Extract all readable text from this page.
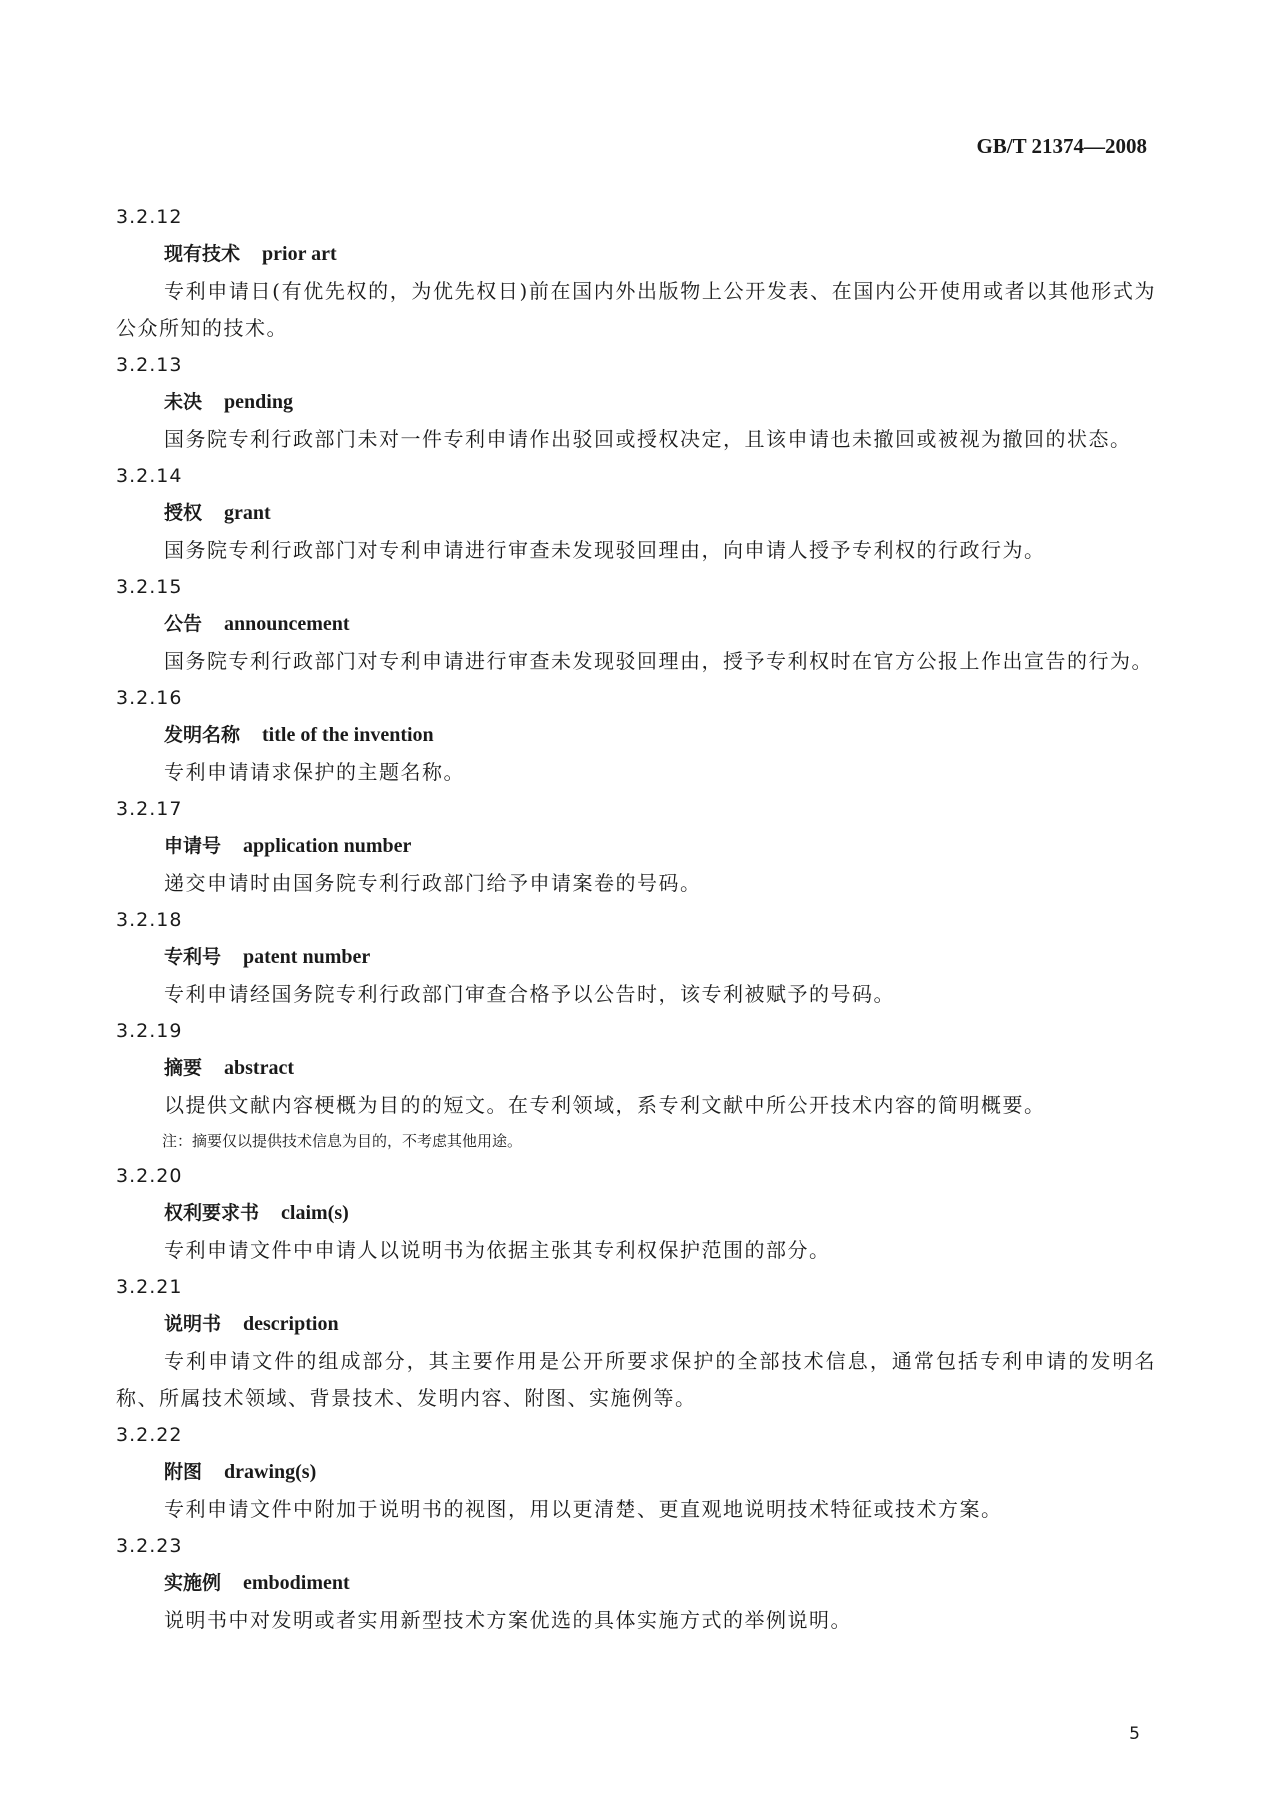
GB/T 21374—2008
3.2.12
现有技术 prior art
专利申请日(有优先权的，为优先权日)前在国内外出版物上公开发表、在国内公开使用或者以其他形式为公众所知的技术。
3.2.13
未决 pending
国务院专利行政部门未对一件专利申请作出驳回或授权决定，且该申请也未撤回或被视为撤回的状态。
3.2.14
授权 grant
国务院专利行政部门对专利申请进行审查未发现驳回理由，向申请人授予专利权的行政行为。
3.2.15
公告 announcement
国务院专利行政部门对专利申请进行审查未发现驳回理由，授予专利权时在官方公报上作出宣告的行为。
3.2.16
发明名称 title of the invention
专利申请请求保护的主题名称。
3.2.17
申请号 application number
递交申请时由国务院专利行政部门给予申请案卷的号码。
3.2.18
专利号 patent number
专利申请经国务院专利行政部门审查合格予以公告时，该专利被赋予的号码。
3.2.19
摘要 abstract
以提供文献内容梗概为目的的短文。在专利领域，系专利文献中所公开技术内容的简明概要。
注：摘要仅以提供技术信息为目的，不考虑其他用途。
3.2.20
权利要求书 claim(s)
专利申请文件中申请人以说明书为依据主张其专利权保护范围的部分。
3.2.21
说明书 description
专利申请文件的组成部分，其主要作用是公开所要求保护的全部技术信息，通常包括专利申请的发明名称、所属技术领域、背景技术、发明内容、附图、实施例等。
3.2.22
附图 drawing(s)
专利申请文件中附加于说明书的视图，用以更清楚、更直观地说明技术特征或技术方案。
3.2.23
实施例 embodiment
说明书中对发明或者实用新型技术方案优选的具体实施方式的举例说明。
5
